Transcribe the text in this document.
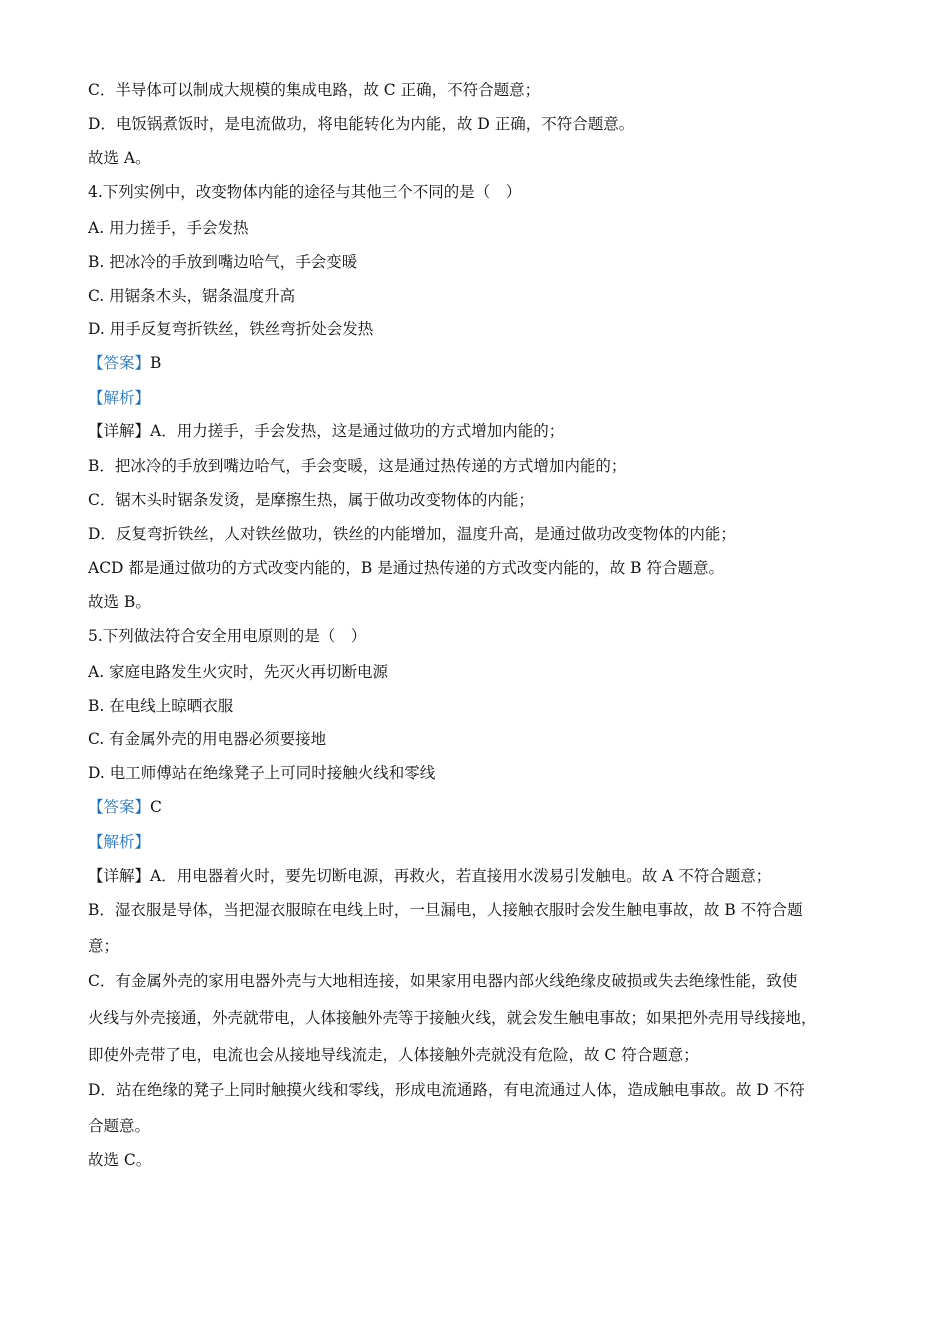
C．半导体可以制成大规模的集成电路，故 C 正确，不符合题意；
D．电饭锅煮饭时，是电流做功，将电能转化为内能，故 D 正确，不符合题意。
故选 A。
4.下列实例中，改变物体内能的途径与其他三个不同的是（　）
A. 用力搓手，手会发热
B. 把冰冷的手放到嘴边哈气，手会变暖
C. 用锯条木头，锯条温度升高
D. 用手反复弯折铁丝，铁丝弯折处会发热
【答案】B
【解析】
【详解】A．用力搓手，手会发热，这是通过做功的方式增加内能的；
B．把冰冷的手放到嘴边哈气，手会变暖，这是通过热传递的方式增加内能的；
C．锯木头时锯条发烫，是摩擦生热，属于做功改变物体的内能；
D．反复弯折铁丝，人对铁丝做功，铁丝的内能增加，温度升高，是通过做功改变物体的内能；
ACD 都是通过做功的方式改变内能的，B 是通过热传递的方式改变内能的，故 B 符合题意。
故选 B。
5.下列做法符合安全用电原则的是（　）
A. 家庭电路发生火灾时，先灭火再切断电源
B. 在电线上晾晒衣服
C. 有金属外壳的用电器必须要接地
D. 电工师傅站在绝缘凳子上可同时接触火线和零线
【答案】C
【解析】
【详解】A．用电器着火时，要先切断电源，再救火，若直接用水泼易引发触电。故 A 不符合题意；
B．湿衣服是导体，当把湿衣服晾在电线上时，一旦漏电，人接触衣服时会发生触电事故，故 B 不符合题
意；
C．有金属外壳的家用电器外壳与大地相连接，如果家用电器内部火线绝缘皮破损或失去绝缘性能，致使
火线与外壳接通，外壳就带电，人体接触外壳等于接触火线，就会发生触电事故；如果把外壳用导线接地，
即使外壳带了电，电流也会从接地导线流走，人体接触外壳就没有危险，故 C 符合题意；
D．站在绝缘的凳子上同时触摸火线和零线，形成电流通路，有电流通过人体，造成触电事故。故 D 不符
合题意。
故选 C。
